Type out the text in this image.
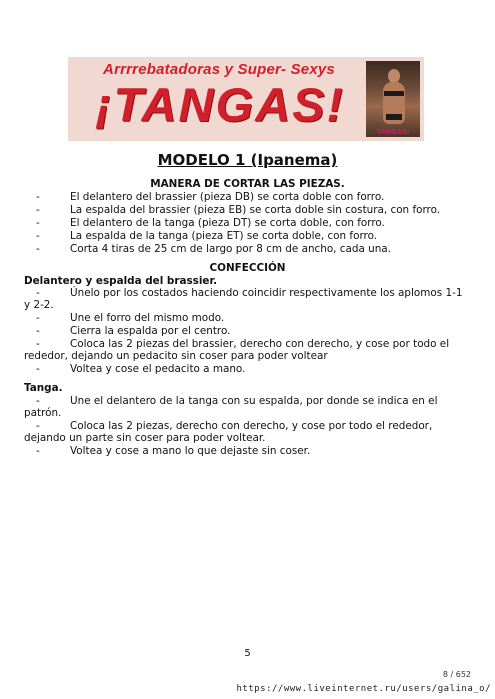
Arrrrebatadoras y Super- Sexys
¡TANGAS!
TANGAS!
MODELO 1 (Ipanema)
MANERA DE CORTAR LAS PIEZAS.
-	El delantero del brassier (pieza DB) se corta doble con forro.
-	La espalda del brassier (pieza EB) se corta doble sin costura, con forro.
-	El delantero de la tanga (pieza DT) se corta doble, con forro.
-	La espalda de la tanga (pieza ET) se corta doble, con forro.
-	Corta 4 tiras de 25 cm de largo por 8 cm de ancho, cada una.
CONFECCIÓN
Delantero y espalda del brassier.
-	Únelo por los costados haciendo coincidir respectivamente los aplomos 1-1 y 2-2.
-	Une el forro del mismo modo.
-	Cierra la espalda por el centro.
-	Coloca las 2 piezas del brassier, derecho con derecho, y cose por todo el rededor, dejando un pedacito sin coser para poder voltear
-	Voltea y cose el pedacito a mano.
Tanga.
-	Une el delantero de la tanga con su espalda, por donde se indica en el patrón.
-	Coloca las 2 piezas, derecho con derecho, y cose por todo el rededor, dejando un parte sin coser para poder voltear.
-	Voltea y cose a mano lo que dejaste sin coser.
5
8 / 652
https://www.liveinternet.ru/users/galina_o/
